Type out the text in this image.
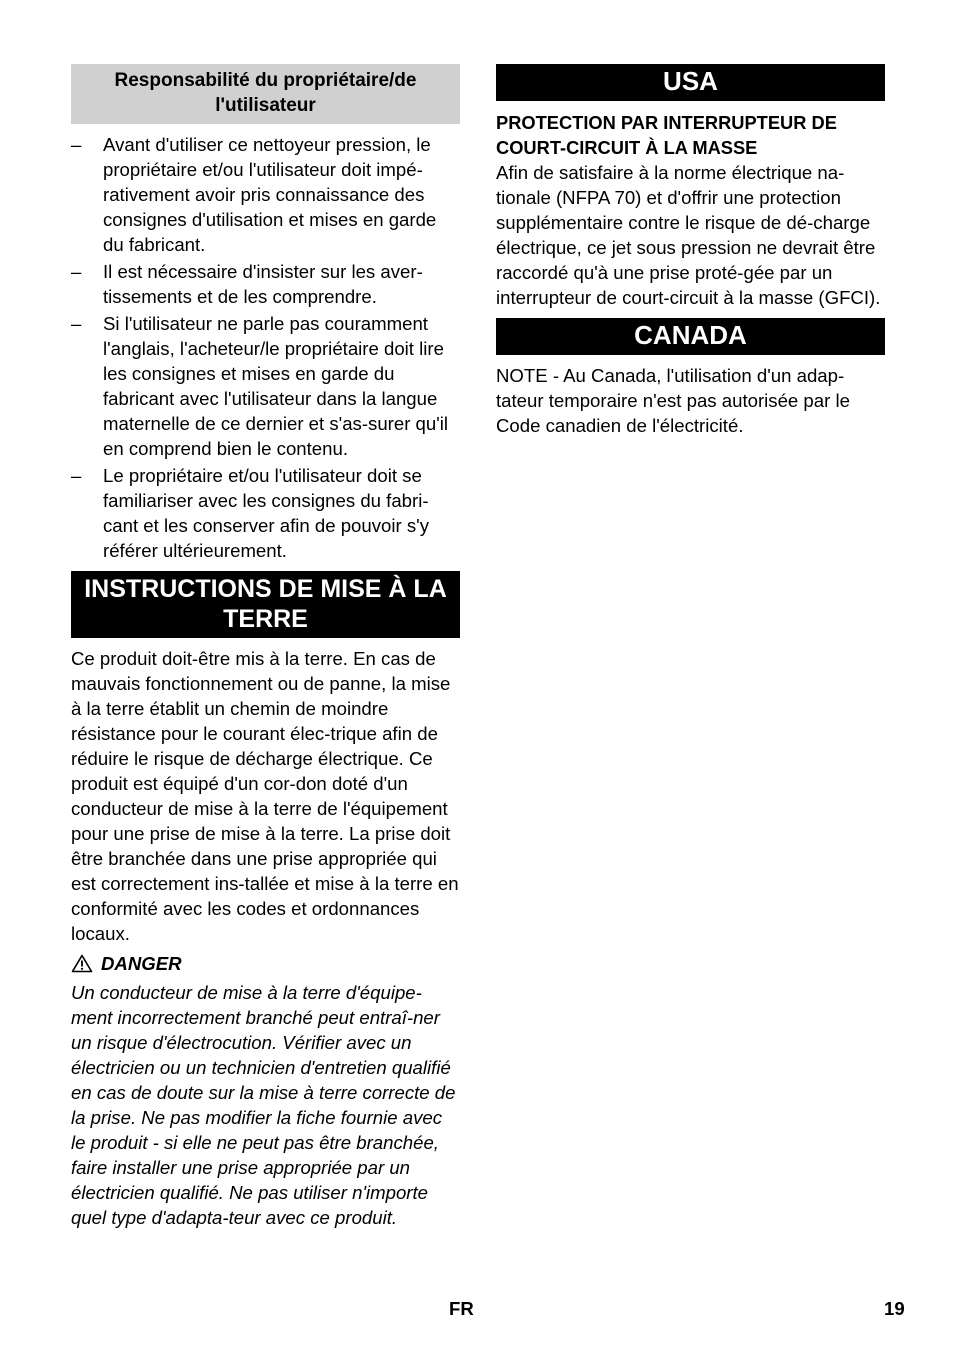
Responsabilité du propriétaire/de l'utilisateur
– Avant d'utiliser ce nettoyeur pression, le propriétaire et/ou l'utilisateur doit impé-rativement avoir pris connaissance des consignes d'utilisation et mises en garde du fabricant.
– Il est nécessaire d'insister sur les aver-tissements et de les comprendre.
– Si l'utilisateur ne parle pas couramment l'anglais, l'acheteur/le propriétaire doit lire les consignes et mises en garde du fabricant avec l'utilisateur dans la langue maternelle de ce dernier et s'as-surer qu'il en comprend bien le contenu.
– Le propriétaire et/ou l'utilisateur doit se familiariser avec les consignes du fabri-cant et les conserver afin de pouvoir s'y référer ultérieurement.
INSTRUCTIONS DE MISE À LA TERRE

Ce produit doit-être mis à la terre. En cas de mauvais fonctionnement ou de panne, la mise à la terre établit un chemin de moindre résistance pour le courant élec-trique afin de réduire le risque de décharge électrique. Ce produit est équipé d'un cor-don doté d'un conducteur de mise à la terre de l'équipement pour une prise de mise à la terre. La prise doit être branchée dans une prise appropriée qui est correctement ins-tallée et mise à la terre en conformité avec les codes et ordonnances locaux.

DANGER

Un conducteur de mise à la terre d'équipe-ment incorrectement branché peut entraî-ner un risque d'électrocution. Vérifier avec un électricien ou un technicien d'entretien qualifié en cas de doute sur la mise à terre correcte de la prise. Ne pas modifier la fiche fournie avec le produit - si elle ne peut pas être branchée, faire installer une prise appropriée par un électricien qualifié. Ne pas utiliser n'importe quel type d'adapta-teur avec ce produit.

USA
PROTECTION PAR INTERRUPTEUR DE COURT-CIRCUIT À LA MASSE

Afin de satisfaire à la norme électrique na-tionale (NFPA 70) et d'offrir une protection supplémentaire contre le risque de dé-charge électrique, ce jet sous pression ne devrait être raccordé qu'à une prise proté-gée par un interrupteur de court-circuit à la masse (GFCI).

CANADA

NOTE - Au Canada, l'utilisation d'un adap-tateur temporaire n'est pas autorisée par le Code canadien de l'électricité.

FR	19
